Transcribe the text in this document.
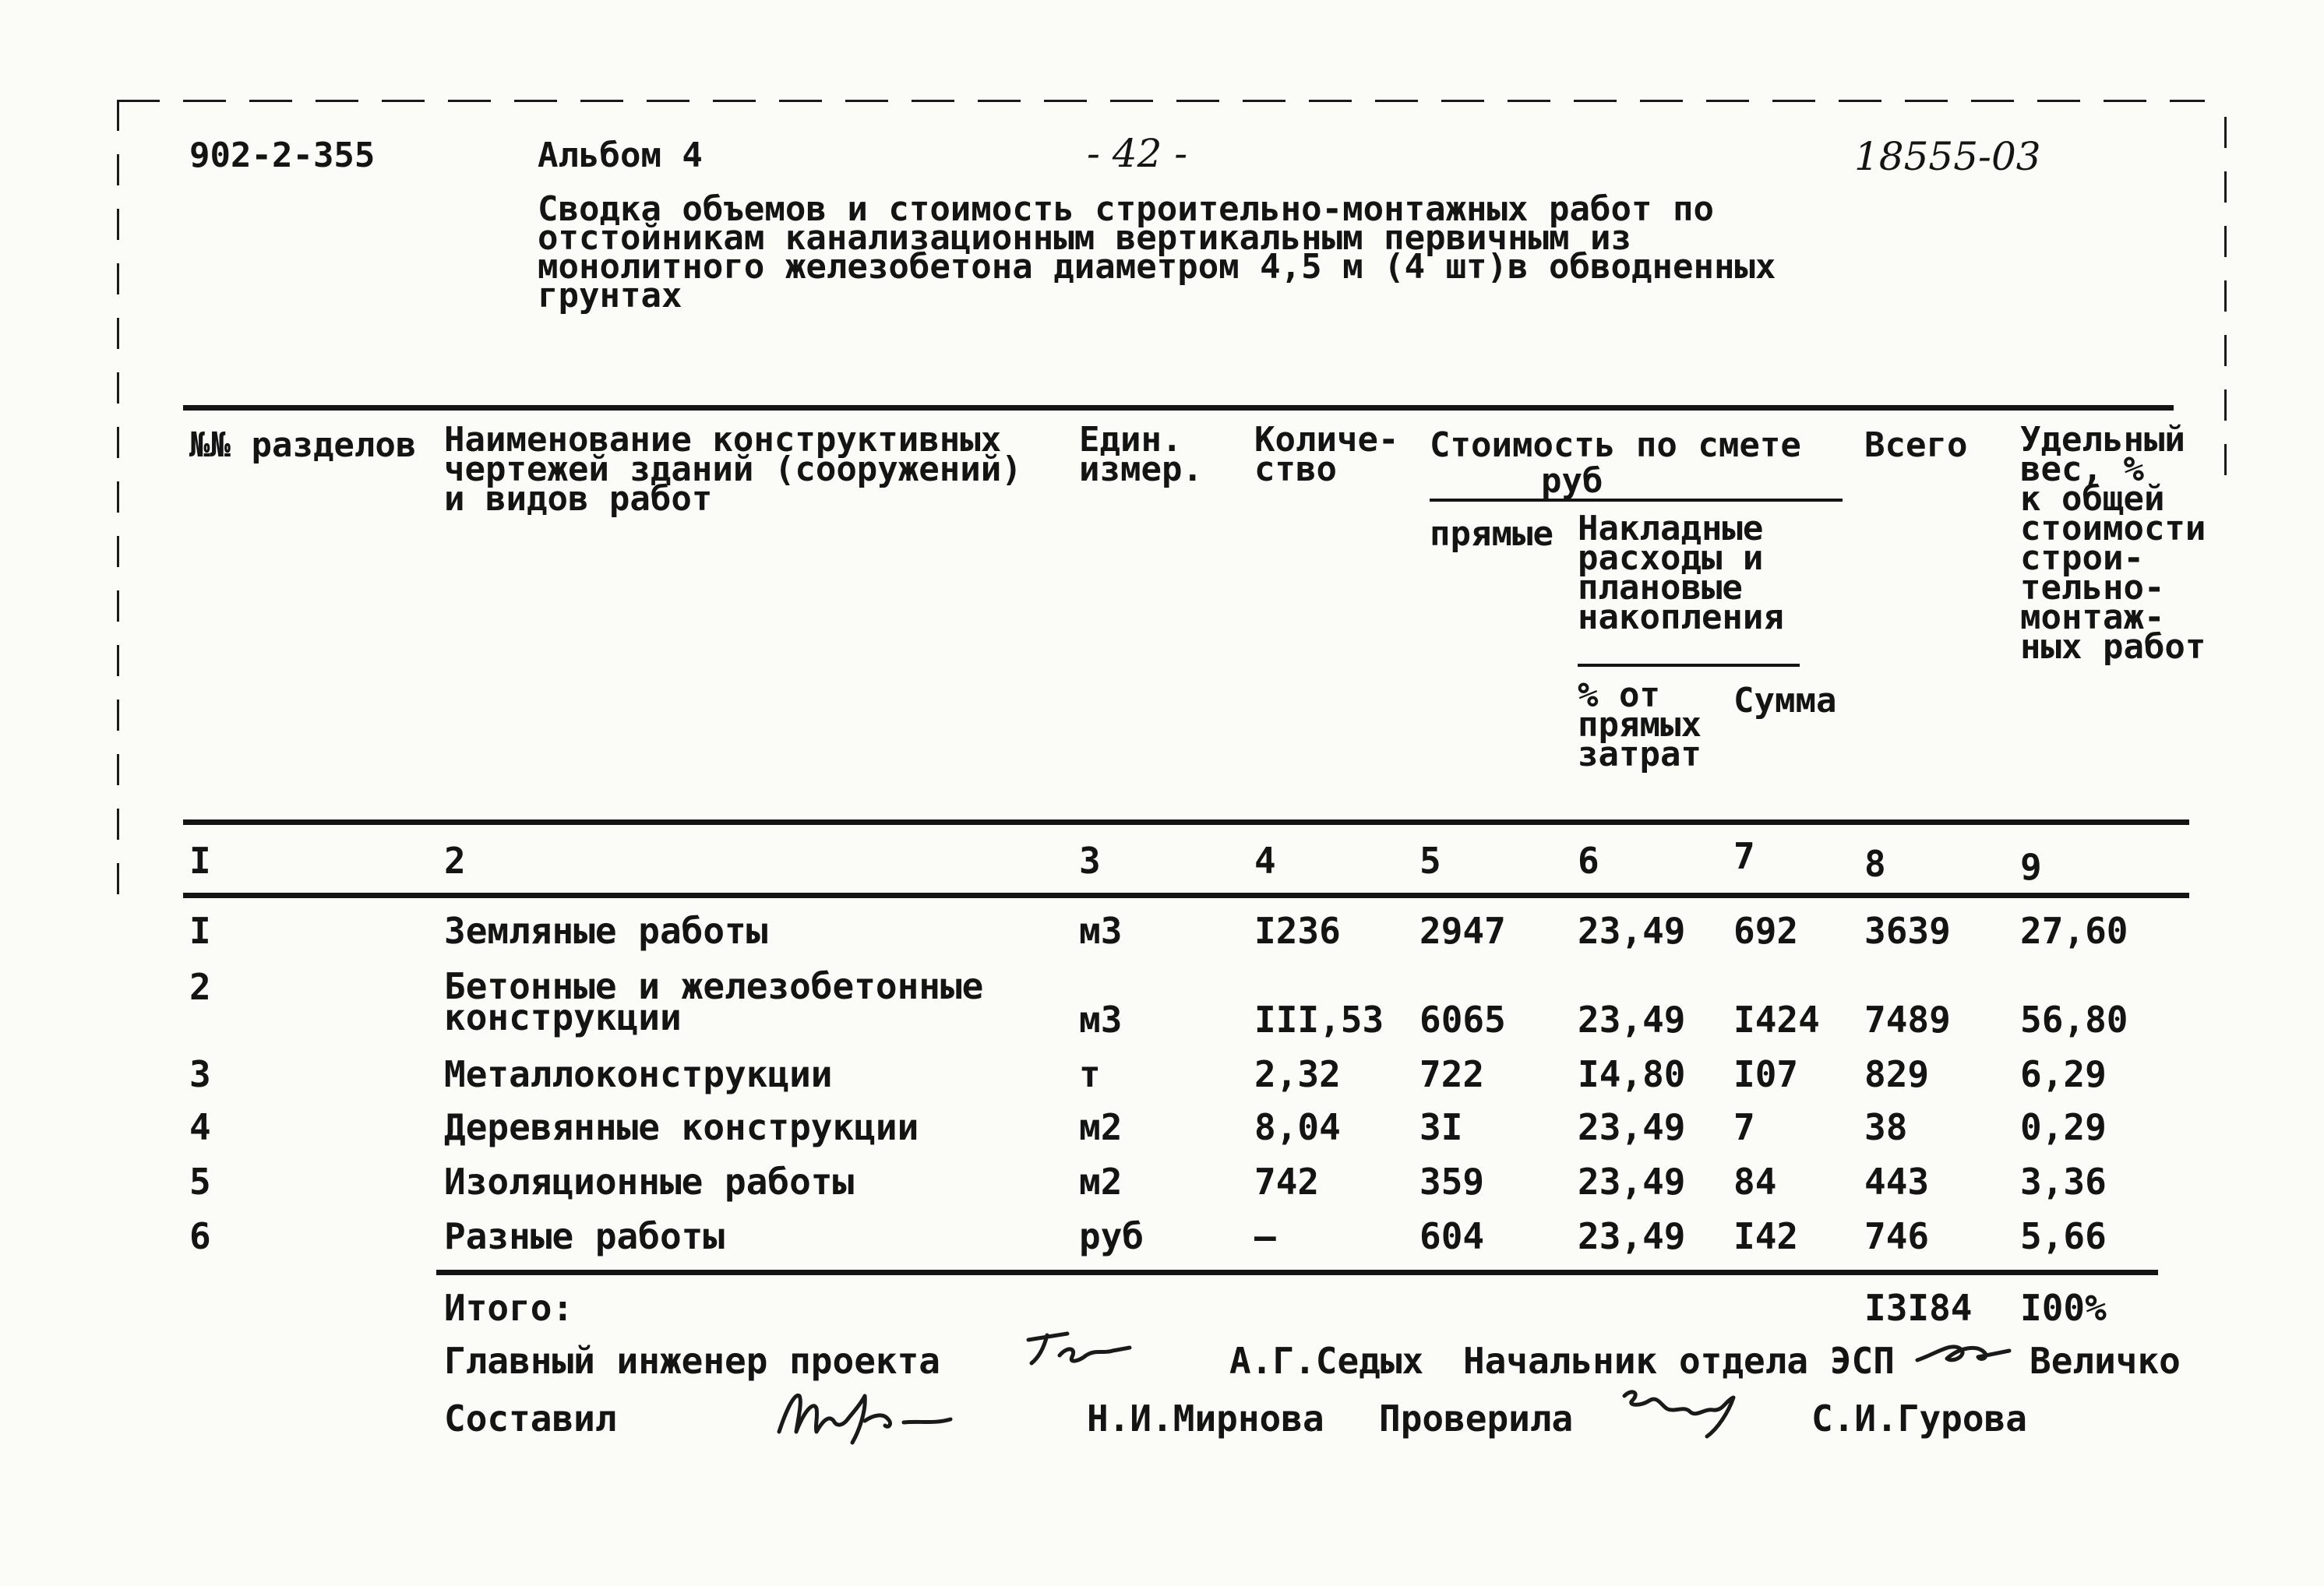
902-2-355	Альбом 4	- 42 -	18555-03
Сводка объемов и стоимость строительно-монтажных работ по
отстойникам канализационным вертикальным первичным из
монолитного железобетона диаметром 4,5 м (4 шт)в обводненных
грунтах
№№ разделов Наименование конструктивных
чертежей зданий (сооружений)
и видов работ
Един.
измер.
Количе-
ство
Стоимость по смете
руб
прямые Накладные
расходы и
плановые
накопления
% от
прямых
затрат
Сумма
Всего Удельный
вес, %
к общей
стоимости
строи-
тельно-
монтаж-
ных работ
I	2	3	4	5	6	7	8	9
I	Земляные работы	м3	I236 2947 23,49 692 3639 27,60
2	Бетонные и железобетонные
конструкции	м3	III,53 6065 23,49 I424 7489 56,80
3	Металлоконструкции	т	2,32 722	I4,80 I07 829	6,29
4	Деревянные конструкции	м2	8,04 3I	23,49 7	38	0,29
5	Изоляционные работы	м2	742	359	23,49 84 443	3,36
6	Разные работы	руб	–	604	23,49 I42 746	5,66
Итого:	I3I84 I00%
Главный инженер проекта	А.Г.Седых Начальник отдела ЭСП	Величко
Составил	Н.И.Мирнова Проверила	С.И.Гурова
